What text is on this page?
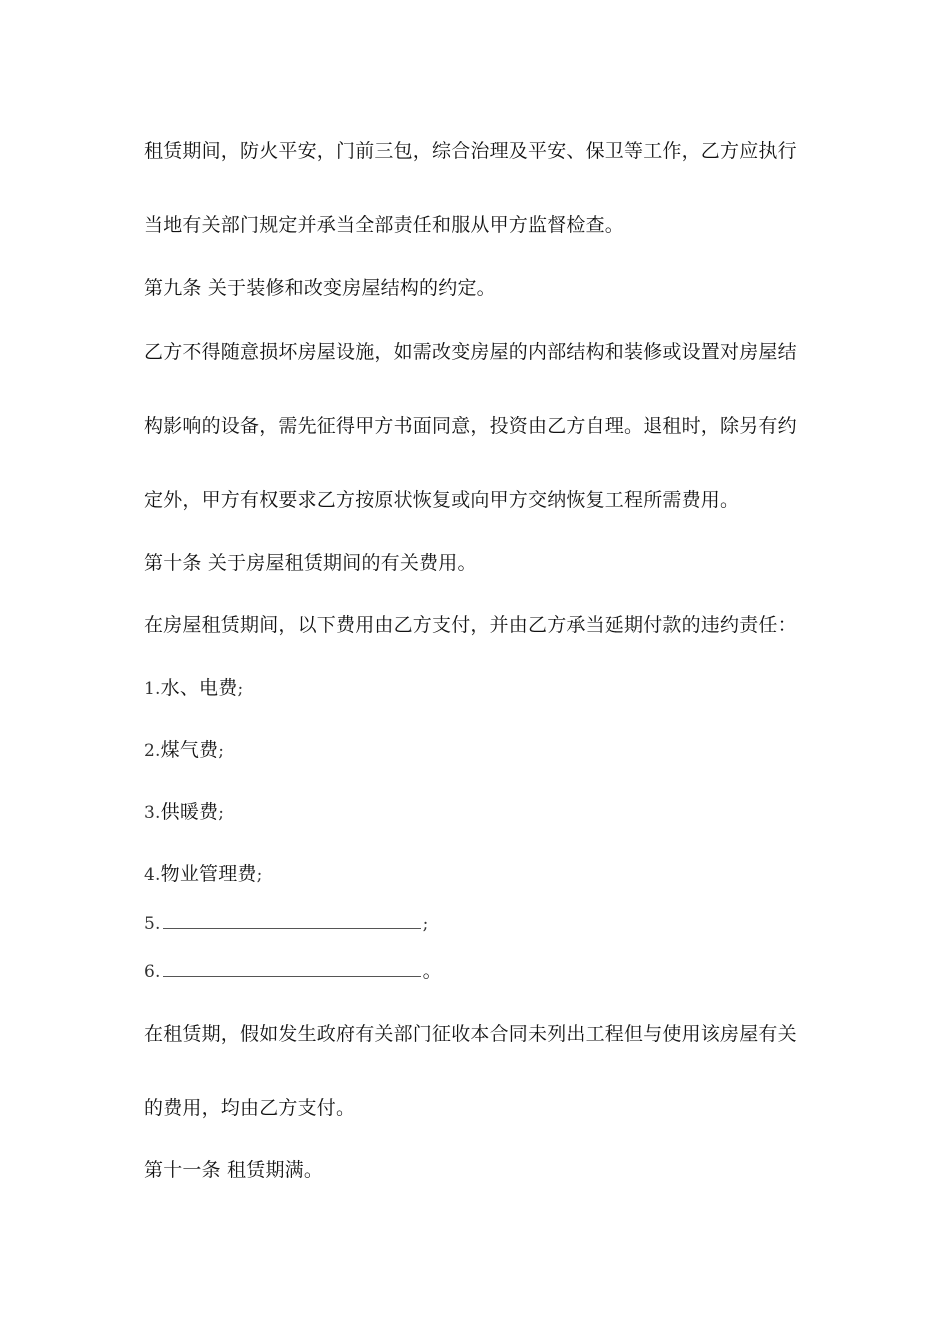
租赁期间，防火平安，门前三包，综合治理及平安、保卫等工作，乙方应执行
当地有关部门规定并承当全部责任和服从甲方监督检查。
第九条 关于装修和改变房屋结构的约定。
乙方不得随意损坏房屋设施，如需改变房屋的内部结构和装修或设置对房屋结
构影响的设备，需先征得甲方书面同意，投资由乙方自理。退租时，除另有约
定外，甲方有权要求乙方按原状恢复或向甲方交纳恢复工程所需费用。
第十条 关于房屋租赁期间的有关费用。
在房屋租赁期间，以下费用由乙方支付，并由乙方承当延期付款的违约责任：
1.水、电费;
2.煤气费;
3.供暖费;
4.物业管理费;
5.	;
6.	。
在租赁期，假如发生政府有关部门征收本合同未列出工程但与使用该房屋有关
的费用，均由乙方支付。
第十一条 租赁期满。
